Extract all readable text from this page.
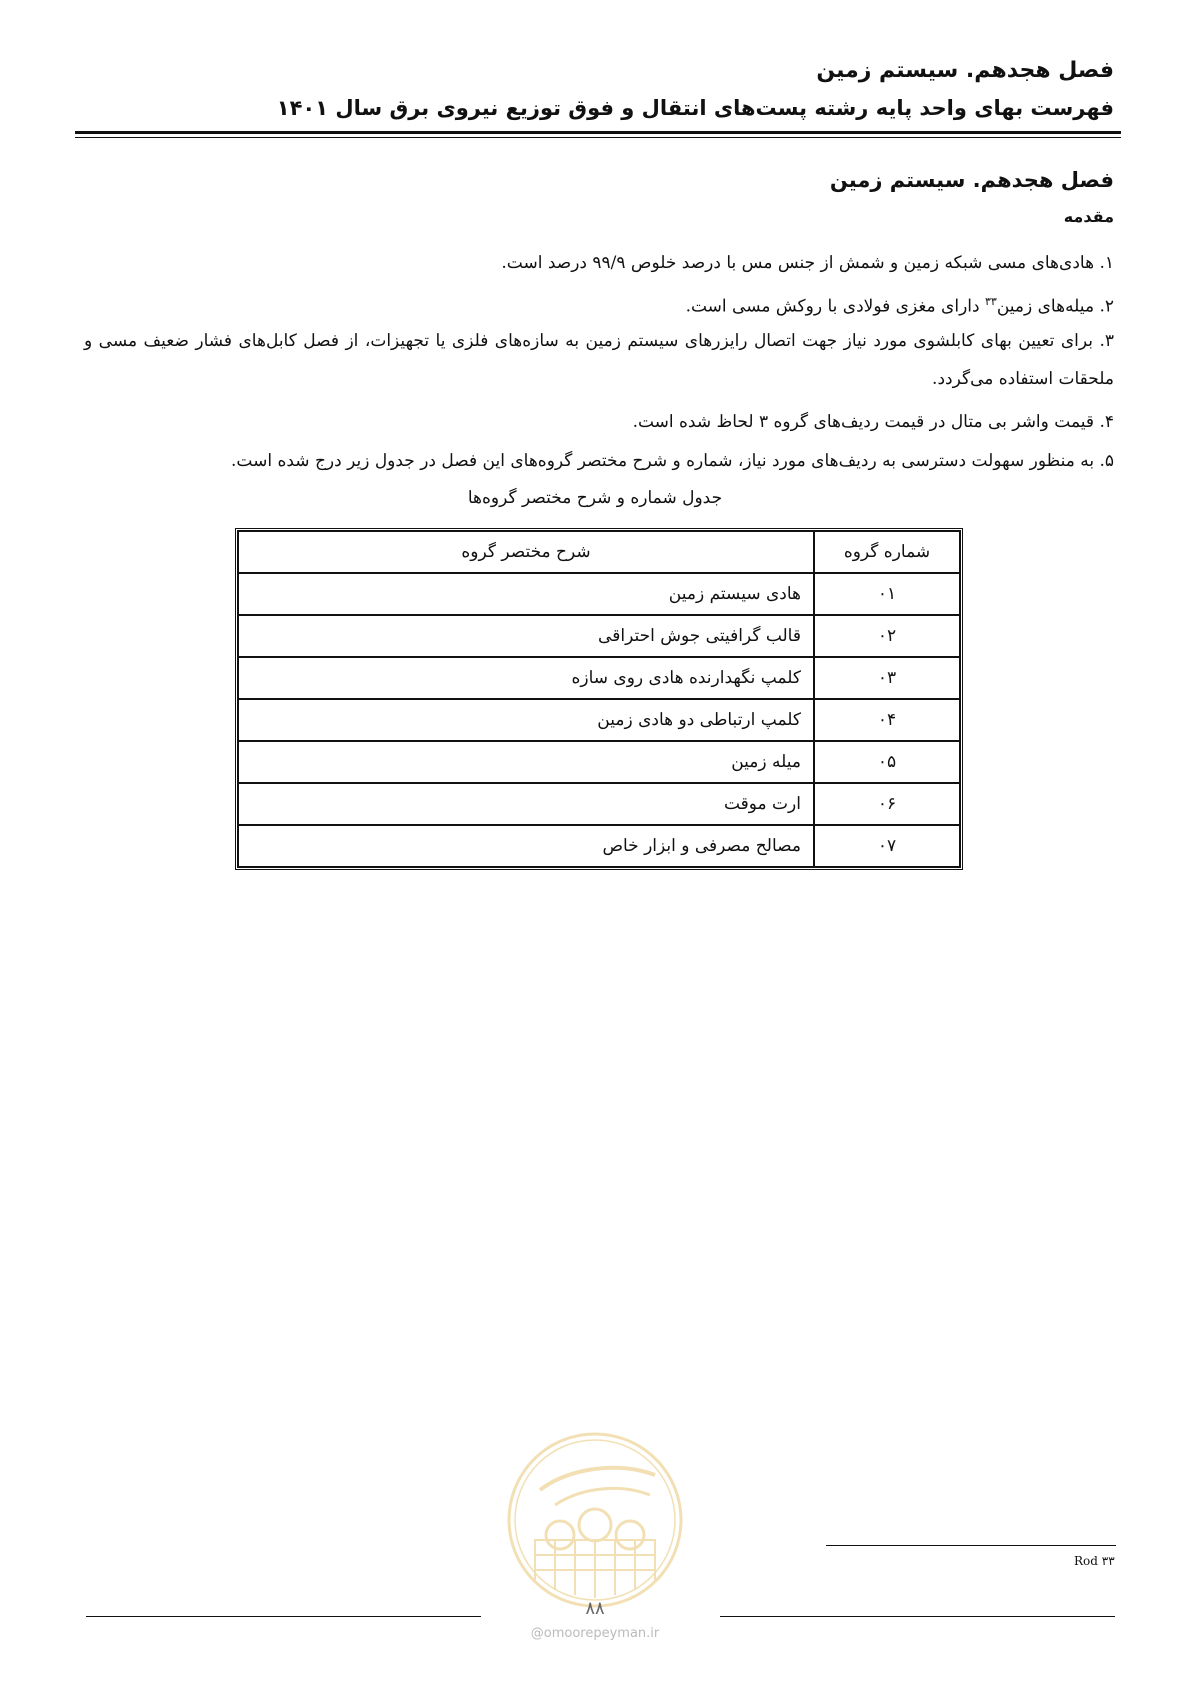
فصل هجدهم. سیستم زمین
فهرست بهای واحد پایه رشته پست‌های انتقال و فوق توزیع نیروی برق سال ۱۴۰۱
فصل هجدهم. سیستم زمین
مقدمه
۱. هادی‌های مسی شبکه زمین و شمش از جنس مس با درصد خلوص ۹۹/۹ درصد است.
۲. میله‌های زمین$^{۳۳}$ دارای مغزی فولادی با روکش مسی است.
۳. برای تعیین بهای کابلشوی مورد نیاز جهت اتصال رایزرهای سیستم زمین به سازه‌های فلزی یا تجهیزات، از فصل کابل‌های فشار ضعیف مسی و ملحقات استفاده می‌گردد.
۴. قیمت واشر بی متال در قیمت ردیف‌های گروه ۳ لحاظ شده است.
۵. به منظور سهولت دسترسی به ردیف‌های مورد نیاز، شماره و شرح مختصر گروه‌های این فصل در جدول زیر درج شده است.
جدول شماره و شرح مختصر گروه‌ها
شماره گروه	شرح مختصر گروه
۰۱	هادی سیستم زمین
۰۲	قالب گرافیتی جوش احتراقی
۰۳	کلمپ نگهدارنده هادی روی سازه
۰۴	کلمپ ارتباطی دو هادی زمین
۰۵	میله زمین
۰۶	ارت موقت
۰۷	مصالح مصرفی و ابزار خاص
Rod ۳۳
۸۸
@omoorepeyman.ir
